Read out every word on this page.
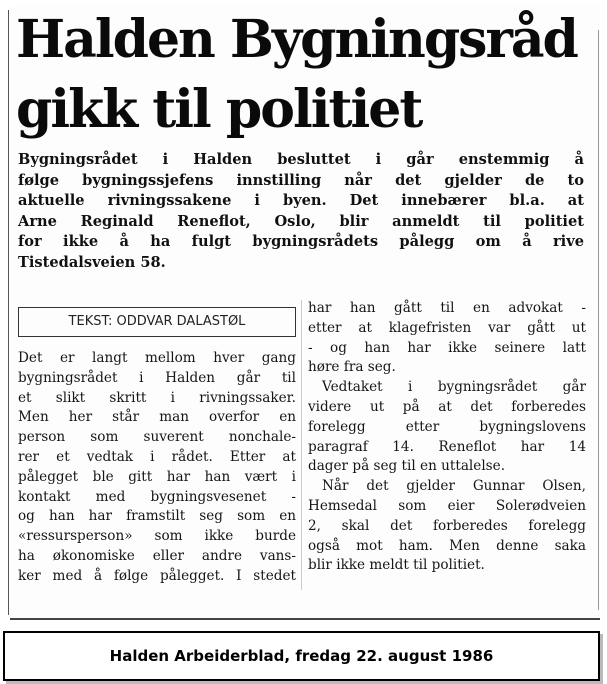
Halden Bygningsråd
gikk til politiet
Bygningsrådet i Halden besluttet i går enstemmig å
følge bygningssjefens innstilling når det gjelder de to
aktuelle rivningssakene i byen. Det innebærer bl.a. at
Arne Reginald Reneflot, Oslo, blir anmeldt til politiet
for ikke å ha fulgt bygningsrådets pålegg om å rive
Tistedalsveien 58.
TEKST: ODDVAR DALASTØL
Det er langt mellom hver gang
bygningsrådet i Halden går til
et slikt skritt i rivningssaker.
Men her står man overfor en
person som suverent nonchale-
rer et vedtak i rådet. Etter at
pålegget ble gitt har han vært i
kontakt med bygningsvesenet -
og han har framstilt seg som en
«ressursperson» som ikke burde
ha økonomiske eller andre vans-
ker med å følge pålegget. I stedet
har han gått til en advokat -
etter at klagefristen var gått ut
- og han har ikke seinere latt
høre fra seg.
Vedtaket i bygningsrådet går
videre ut på at det forberedes
forelegg etter bygningslovens
paragraf 14. Reneflot har 14
dager på seg til en uttalelse.
Når det gjelder Gunnar Olsen,
Hemsedal som eier Solerødveien
2, skal det forberedes forelegg
også mot ham. Men denne saka
blir ikke meldt til politiet.
Halden Arbeiderblad, fredag 22. august 1986
